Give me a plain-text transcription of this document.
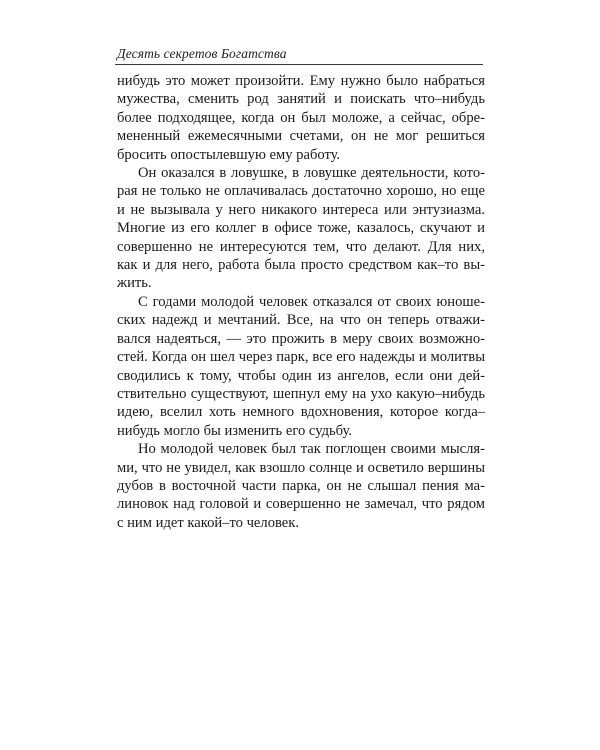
Десять секретов Богатства
нибудь это может произойти. Ему нужно было набраться
мужества, сменить род занятий и поискать что–нибудь
более подходящее, когда он был моложе, а сейчас, обре-
мененный ежемесячными счетами, он не мог решиться
бросить опостылевшую ему работу.
Он оказался в ловушке, в ловушке деятельности, кото-
рая не только не оплачивалась достаточно хорошо, но еще
и не вызывала у него никакого интереса или энтузиазма.
Многие из его коллег в офисе тоже, казалось, скучают и
совершенно не интересуются тем, что делают. Для них,
как и для него, работа была просто средством как–то вы-
жить.
С годами молодой человек отказался от своих юноше-
ских надежд и мечтаний. Все, на что он теперь отважи-
вался надеяться, — это прожить в меру своих возможно-
стей. Когда он шел через парк, все его надежды и молитвы
сводились к тому, чтобы один из ангелов, если они дей-
ствительно существуют, шепнул ему на ухо какую–нибудь
идею, вселил хоть немного вдохновения, которое когда–
нибудь могло бы изменить его судьбу.
Но молодой человек был так поглощен своими мысля-
ми, что не увидел, как взошло солнце и осветило вершины
дубов в восточной части парка, он не слышал пения ма-
линовок над головой и совершенно не замечал, что рядом
с ним идет какой–то человек.
